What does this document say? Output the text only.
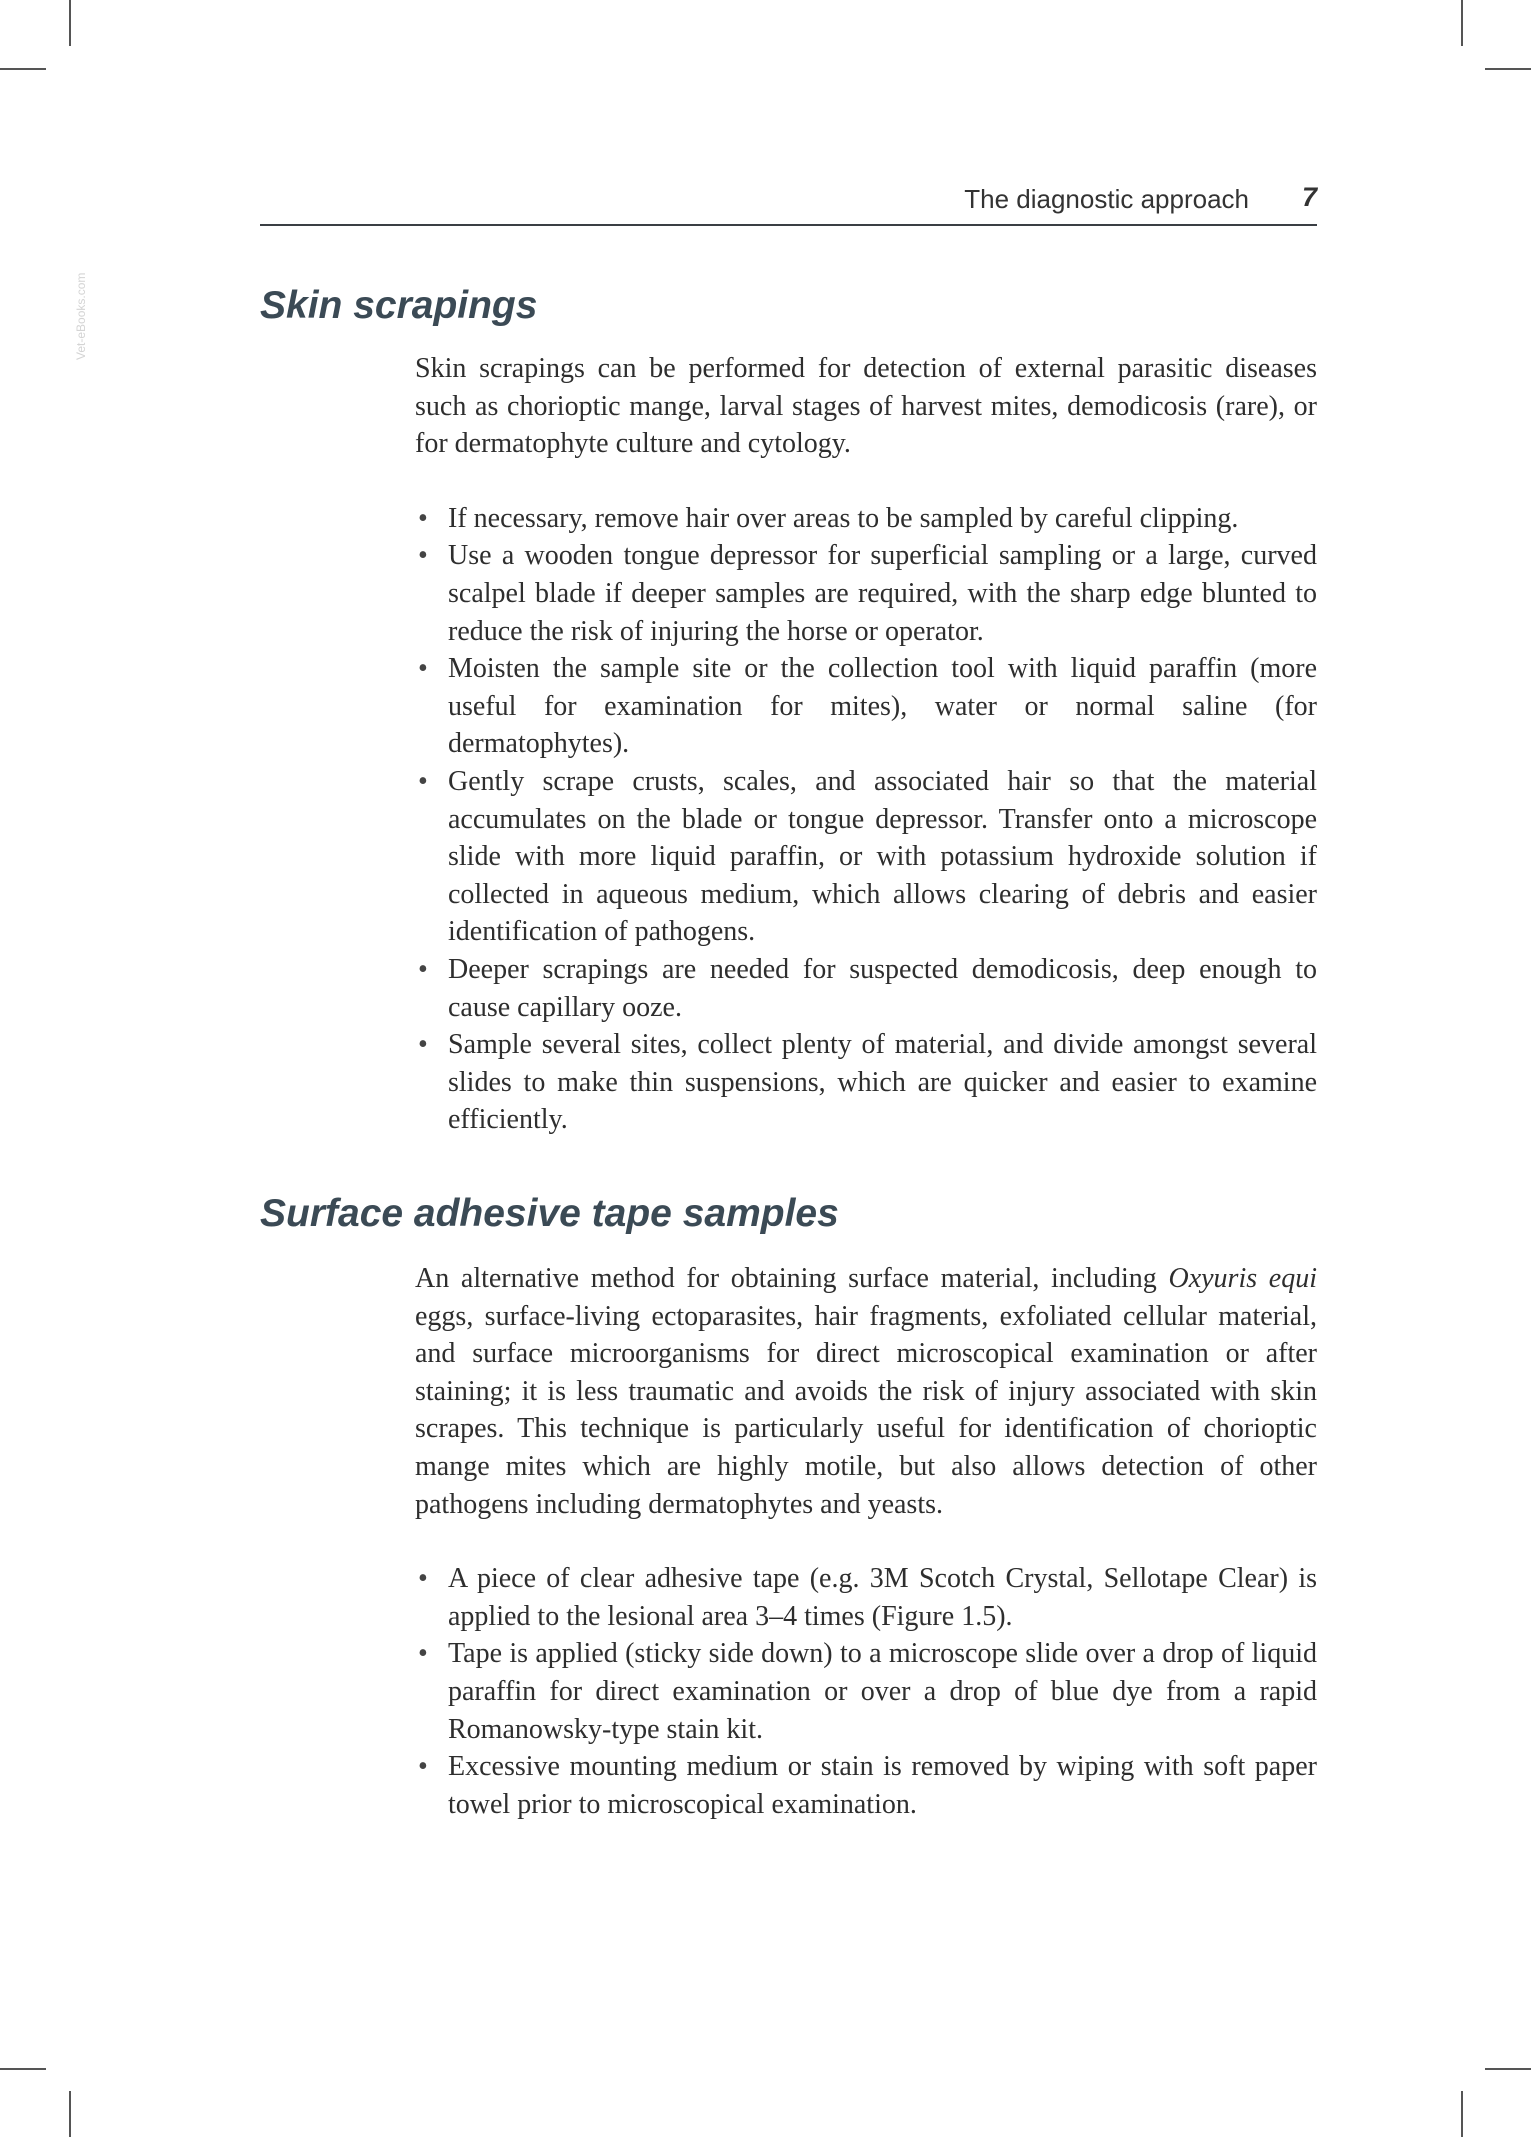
Vet-eBooks.com
The diagnostic approach 7
Skin scrapings

Skin scrapings can be performed for detection of external parasitic diseases such as chorioptic mange, larval stages of harvest mites, demodicosis (rare), or for dermatophyte culture and cytology.

• If necessary, remove hair over areas to be sampled by careful clipping.
• Use a wooden tongue depressor for superficial sampling or a large, curved scalpel blade if deeper samples are required, with the sharp edge blunted to reduce the risk of injuring the horse or operator.
• Moisten the sample site or the collection tool with liquid paraffin (more useful for examination for mites), water or normal saline (for dermatophytes).
• Gently scrape crusts, scales, and associated hair so that the material accumulates on the blade or tongue depressor. Transfer onto a microscope slide with more liquid paraffin, or with potassium hydroxide solution if collected in aqueous medium, which allows clearing of debris and easier identification of pathogens.
• Deeper scrapings are needed for suspected demodicosis, deep enough to cause capillary ooze.
• Sample several sites, collect plenty of material, and divide amongst several slides to make thin suspensions, which are quicker and easier to examine efficiently.
Surface adhesive tape samples

An alternative method for obtaining surface material, including Oxyuris equi eggs, surface-living ectoparasites, hair fragments, exfoliated cellular material, and surface microorganisms for direct microscopical examination or after staining; it is less traumatic and avoids the risk of injury associated with skin scrapes. This technique is particularly useful for identification of chorioptic mange mites which are highly motile, but also allows detection of other pathogens including dermatophytes and yeasts.

• A piece of clear adhesive tape (e.g. 3M Scotch Crystal, Sellotape Clear) is applied to the lesional area 3–4 times (Figure 1.5).
• Tape is applied (sticky side down) to a microscope slide over a drop of liquid paraffin for direct examination or over a drop of blue dye from a rapid Romanowsky-type stain kit.
• Excessive mounting medium or stain is removed by wiping with soft paper towel prior to microscopical examination.
